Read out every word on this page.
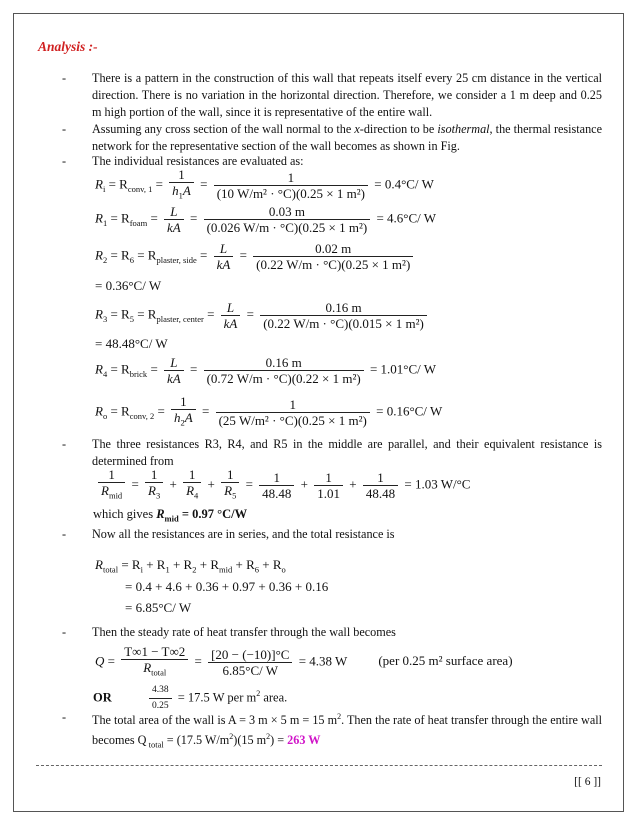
Analysis :-
- There is a pattern in the construction of this wall that repeats itself every 25 cm distance in the vertical direction. There is no variation in the horizontal direction. Therefore, we consider a 1 m deep and 0.25 m high portion of the wall, since it is representative of the entire wall.
- Assuming any cross section of the wall normal to the x-direction to be isothermal, the thermal resistance network for the representative section of the wall becomes as shown in Fig.
- The individual resistances are evaluated as:
$R_i = R_{conv, 1} = \frac{1}{h_1A} = \frac{1}{\text{(10 W/m² · °C)(0.25 × 1 m²)}} = 0.4^\circ C/$ W
$R_1 = R_{foam} = \frac{L}{kA} = \frac{0.03 m}{\text{(0.026 W/m · °C)(0.25 × 1 m²)}} = 4.6^\circ C/$ W
$R_2 = R_6 = R_{plaster, side} = \frac{L}{kA} = \frac{0.02 m}{\text{(0.22 W/m · °C)(0.25 × 1 m²)}}$
= 0.36°C/ W
$R_3 = R_5 = R_{plaster, center} = \frac{L}{kA} = \frac{0.16 m}{\text{(0.22 W/m · °C)(0.015 × 1 m²)}}$
= 48.48°C/ W
$R_4 = R_{brick} = \frac{L}{kA} = \frac{0.16 m}{\text{(0.72 W/m · °C)(0.22 × 1 m²)}} = 1.01^\circ C/$ W
$R_o = R_{conv, 2} = \frac{1}{h_2A} = \frac{1}{\text{(25 W/m² · °C)(0.25 × 1 m²)}} = 0.16^\circ C/$ W
- The three resistances R3, R4, and R5 in the middle are parallel, and their equivalent resistance is determined from
$\frac{1}{R_{mid}} = \frac{1}{R_3} + \frac{1}{R_4} + \frac{1}{R_5} = \frac{1}{48.48} + \frac{1}{1.01} + \frac{1}{48.48} = 1.03$ W/°C
which gives $R_{mid} = 0.97$ °C/W
- Now all the resistances are in series, and the total resistance is
$R_{total} = R_i + R_1 + R_2 + R_{mid} + R_6 + R_o$
= 0.4 + 4.6 + 0.36 + 0.97 + 0.36 + 0.16
= 6.85°C/ W
- Then the steady rate of heat transfer through the wall becomes
$Q = \frac{T\infty 1 - T\infty 2}{R_{total}} = \frac{[20 - (-10)]^\circ C}{6.85^\circ C/ W} = 4.38$ W (per 0.25 m² surface area)
OR	$\frac{4.38}{0.25} = 17.5$ W per $m^2$ area.
- The total area of the wall is A = 3 m × 5 m = 15 $m^2$. Then the rate of heat transfer through the entire wall becomes Q $_{total}$ = (17.5 $W/m^2)(15$ $m^2) = 263$ W
[[ 6 ]]
